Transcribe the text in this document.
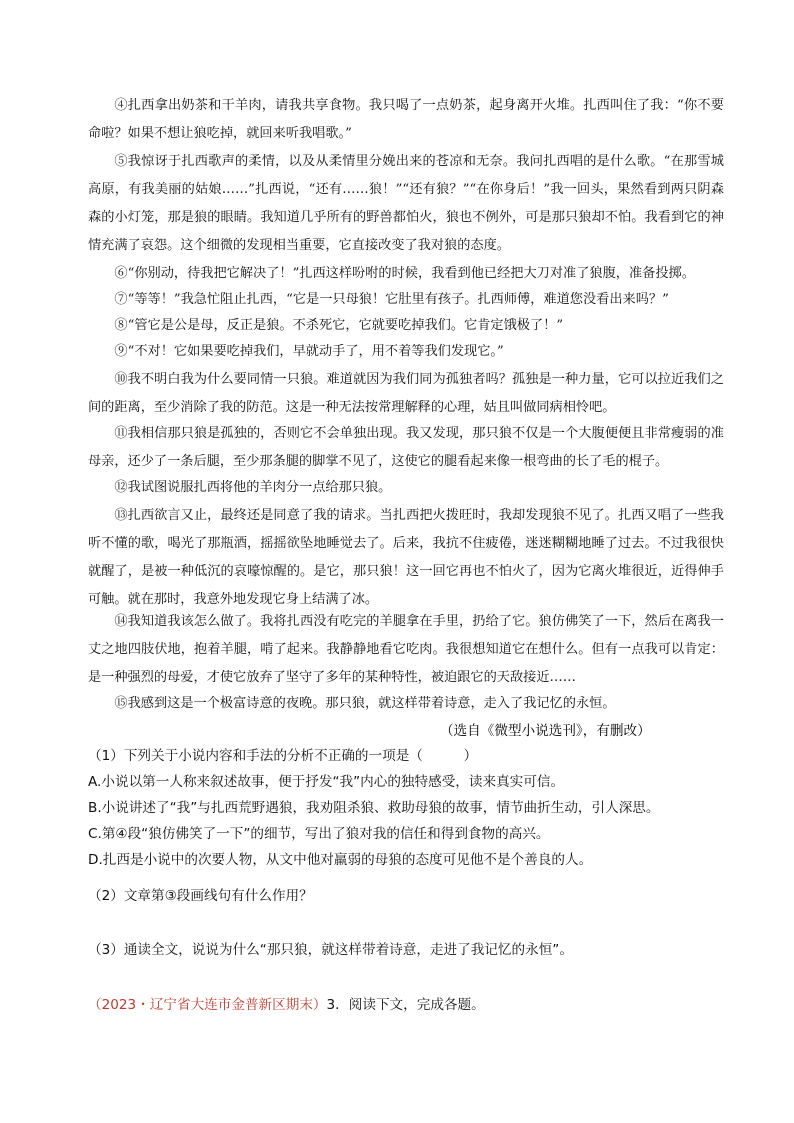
④扎西拿出奶茶和干羊肉，请我共享食物。我只喝了一点奶茶，起身离开火堆。扎西叫住了我：“你不要命啦？如果不想让狼吃掉，就回来听我唱歌。”

⑤我惊讶于扎西歌声的柔情，以及从柔情里分娩出来的苍凉和无奈。我问扎西唱的是什么歌。“在那雪城高原，有我美丽的姑娘……”扎西说，“还有……狼！”“还有狼？”“在你身后！”我一回头，果然看到两只阴森森的小灯笼，那是狼的眼睛。我知道几乎所有的野兽都怕火，狼也不例外，可是那只狼却不怕。我看到它的神情充满了哀怨。这个细微的发现相当重要，它直接改变了我对狼的态度。

⑥“你别动，待我把它解决了！”扎西这样吩咐的时候，我看到他已经把大刀对准了狼腹，准备投掷。

⑦“等等！”我急忙阻止扎西，“它是一只母狼！它肚里有孩子。扎西师傅，难道您没看出来吗？”

⑧“管它是公是母，反正是狼。不杀死它，它就要吃掉我们。它肯定饿极了！”

⑨“不对！它如果要吃掉我们，早就动手了，用不着等我们发现它。”

⑩我不明白我为什么要同情一只狼。难道就因为我们同为孤独者吗？孤独是一种力量，它可以拉近我们之间的距离，至少消除了我的防范。这是一种无法按常理解释的心理，姑且叫做同病相怜吧。

⑪我相信那只狼是孤独的，否则它不会单独出现。我又发现，那只狼不仅是一个大腹便便且非常瘦弱的准母亲，还少了一条后腿，至少那条腿的脚掌不见了，这使它的腿看起来像一根弯曲的长了毛的棍子。

⑫我试图说服扎西将他的羊肉分一点给那只狼。

⑬扎西欲言又止，最终还是同意了我的请求。当扎西把火拨旺时，我却发现狼不见了。扎西又唱了一些我听不懂的歌，喝光了那瓶酒，摇摇欲坠地睡觉去了。后来，我抗不住疲倦，迷迷糊糊地睡了过去。不过我很快就醒了，是被一种低沉的哀嚎惊醒的。是它，那只狼！这一回它再也不怕火了，因为它离火堆很近，近得伸手可触。就在那时，我意外地发现它身上结满了冰。

⑭我知道我该怎么做了。我将扎西没有吃完的羊腿拿在手里，扔给了它。狼仿佛笑了一下，然后在离我一丈之地四肢伏地，抱着羊腿，啃了起来。我静静地看它吃肉。我很想知道它在想什么。但有一点我可以肯定：是一种强烈的母爱，才使它放弃了坚守了多年的某种特性，被迫跟它的天敌接近……

⑮我感到这是一个极富诗意的夜晚。那只狼，就这样带着诗意，走入了我记忆的永恒。

（选自《微型小说选刊》，有删改）
（1）下列关于小说内容和手法的分析不正确的一项是（　　　）
A.小说以第一人称来叙述故事，便于抒发“我”内心的独特感受，读来真实可信。
B.小说讲述了“我”与扎西荒野遇狼，我劝阻杀狼、救助母狼的故事，情节曲折生动，引人深思。
C.第④段“狼仿佛笑了一下”的细节，写出了狼对我的信任和得到食物的高兴。
D.扎西是小说中的次要人物，从文中他对羸弱的母狼的态度可见他不是个善良的人。
（2）文章第③段画线句有什么作用？
（3）通读全文，说说为什么“那只狼，就这样带着诗意，走进了我记忆的永恒”。
（2023・辽宁省大连市金普新区期末）3．阅读下文，完成各题。
